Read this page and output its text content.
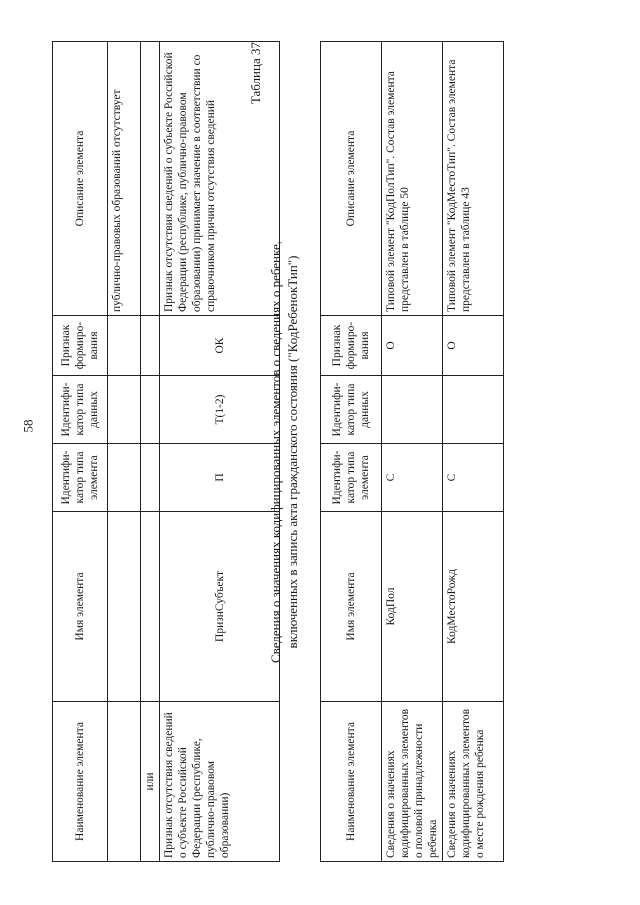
58
Наименование элемента	Имя элемента	Идентифи-катор типа элемента	Идентифи-катор типа данных	Признак формиро-вания	Описание элемента
					публично-правовых образований отсутствует
или					
Признак отсутствия сведений о субъекте Российской Федерации (республике, публично-правовом образовании)	ПризнСубъект	П	Т(1-2)	ОК	Признак отсутствия сведений о субъекте Российской Федерации (республике, публично-правовом образовании) принимает значение в соответствии со справочником причин отсутствия сведений
Таблица 37
Сведения о значениях кодифицированных элементов о сведениях о ребенке, включенных в запись акта гражданского состояния ("КодРебенокТип")
Наименование элемента	Имя элемента	Идентифи-катор типа элемента	Идентифи-катор типа данных	Признак формиро-вания	Описание элемента
Сведения о значениях кодифицированных элементов о половой принадлежности ребенка	КодПол	С		О	Типовой элемент "КодПолТип". Состав элемента представлен в таблице 50
Сведения о значениях кодифицированных элементов о месте рождения ребенка	КодМестоРожд	С		О	Типовой элемент "КодМестоТип". Состав элемента представлен в таблице 43
